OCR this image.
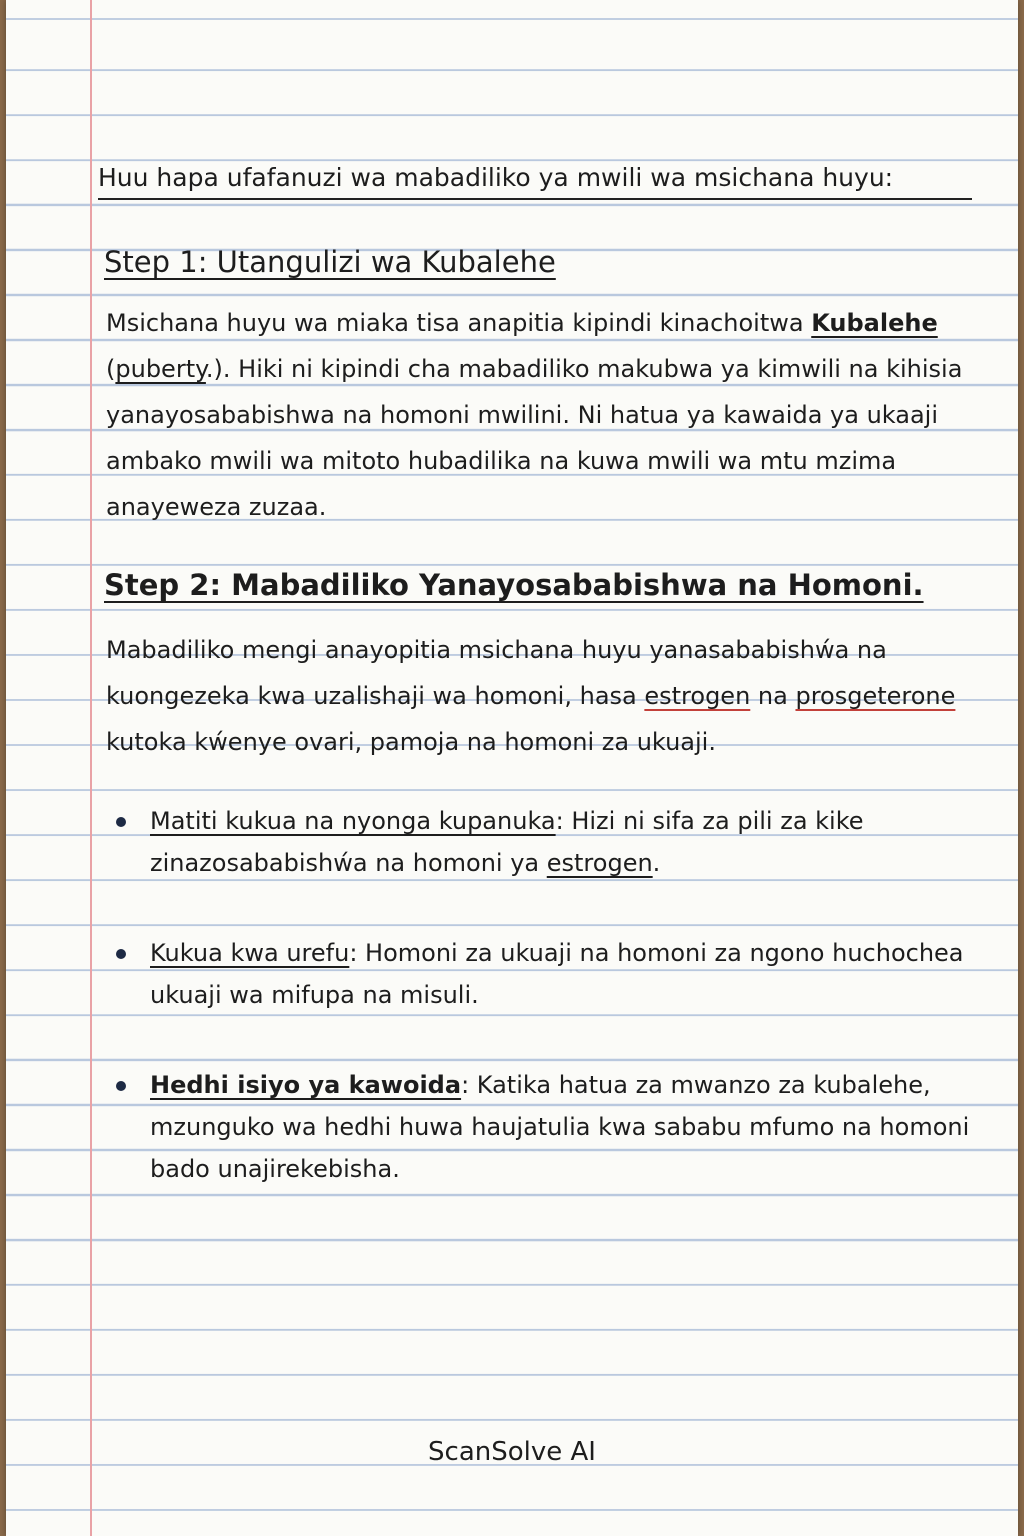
Huu hapa ufafanuzi wa mabadiliko ya mwili wa msichana huyu:
Step 1: Utangulizi wa Kubalehe
Msichana huyu wa miaka tisa anapitia kipindi kinachoitwa Kubalehe (puberty.). Hiki ni kipindi cha mabadiliko makubwa ya kimwili na kihisia yanayosababishwa na homoni mwilini. Ni hatua ya kawaida ya ukaaji ambako mwili wa mitoto hubadilika na kuwa mwili wa mtu mzima anayeweza zuzaa.
Step 2: Mabadiliko Yanayosababishwa na Homoni.
Mabadiliko mengi anayopitia msichana huyu yanasababishẃa na kuongezeka kwa uzalishaji wa homoni, hasa estrogen na prosgeterone kutoka kẃenye ovari, pamoja na homoni za ukuaji.
Matiti kukua na nyonga kupanuka: Hizi ni sifa za pili za kike zinazosababishẃa na homoni ya estrogen.
Kukua kwa urefu: Homoni za ukuaji na homoni za ngono huchochea ukuaji wa mifupa na misuli.
Hedhi isiyo ya kawoida: Katika hatua za mwanzo za kubalehe, mzunguko wa hedhi huwa haujatulia kwa sababu mfumo na homoni bado unajirekebisha.
ScanSolve AI
